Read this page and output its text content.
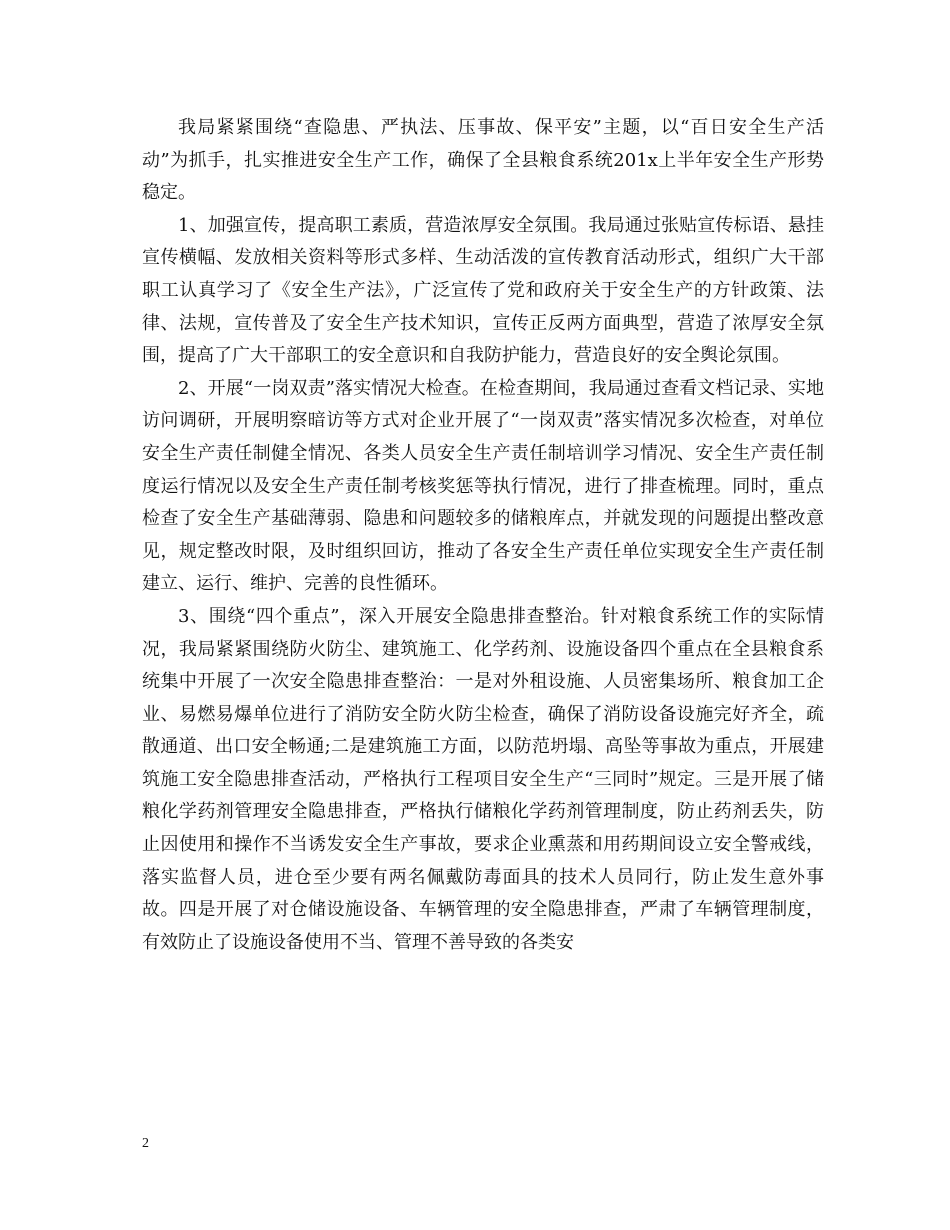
我局紧紧围绕“查隐患、严执法、压事故、保平安”主题，以“百日安全生产活动”为抓手，扎实推进安全生产工作，确保了全县粮食系统201x上半年安全生产形势稳定。

1、加强宣传，提高职工素质，营造浓厚安全氛围。我局通过张贴宣传标语、悬挂宣传横幅、发放相关资料等形式多样、生动活泼的宣传教育活动形式，组织广大干部职工认真学习了《安全生产法》，广泛宣传了党和政府关于安全生产的方针政策、法律、法规，宣传普及了安全生产技术知识，宣传正反两方面典型，营造了浓厚安全氛围，提高了广大干部职工的安全意识和自我防护能力，营造良好的安全舆论氛围。

2、开展“一岗双责”落实情况大检查。在检查期间，我局通过查看文档记录、实地访问调研，开展明察暗访等方式对企业开展了“一岗双责”落实情况多次检查，对单位安全生产责任制健全情况、各类人员安全生产责任制培训学习情况、安全生产责任制度运行情况以及安全生产责任制考核奖惩等执行情况，进行了排查梳理。同时，重点检查了安全生产基础薄弱、隐患和问题较多的储粮库点，并就发现的问题提出整改意见，规定整改时限，及时组织回访，推动了各安全生产责任单位实现安全生产责任制建立、运行、维护、完善的良性循环。

3、围绕“四个重点”，深入开展安全隐患排查整治。针对粮食系统工作的实际情况，我局紧紧围绕防火防尘、建筑施工、化学药剂、设施设备四个重点在全县粮食系统集中开展了一次安全隐患排查整治：一是对外租设施、人员密集场所、粮食加工企业、易燃易爆单位进行了消防安全防火防尘检查，确保了消防设备设施完好齐全，疏散通道、出口安全畅通;二是建筑施工方面，以防范坍塌、高坠等事故为重点，开展建筑施工安全隐患排查活动，严格执行工程项目安全生产“三同时”规定。三是开展了储粮化学药剂管理安全隐患排查，严格执行储粮化学药剂管理制度，防止药剂丢失，防止因使用和操作不当诱发安全生产事故，要求企业熏蒸和用药期间设立安全警戒线，落实监督人员，进仓至少要有两名佩戴防毒面具的技术人员同行，防止发生意外事故。四是开展了对仓储设施设备、车辆管理的安全隐患排查，严肃了车辆管理制度，有效防止了设施设备使用不当、管理不善导致的各类安

2
